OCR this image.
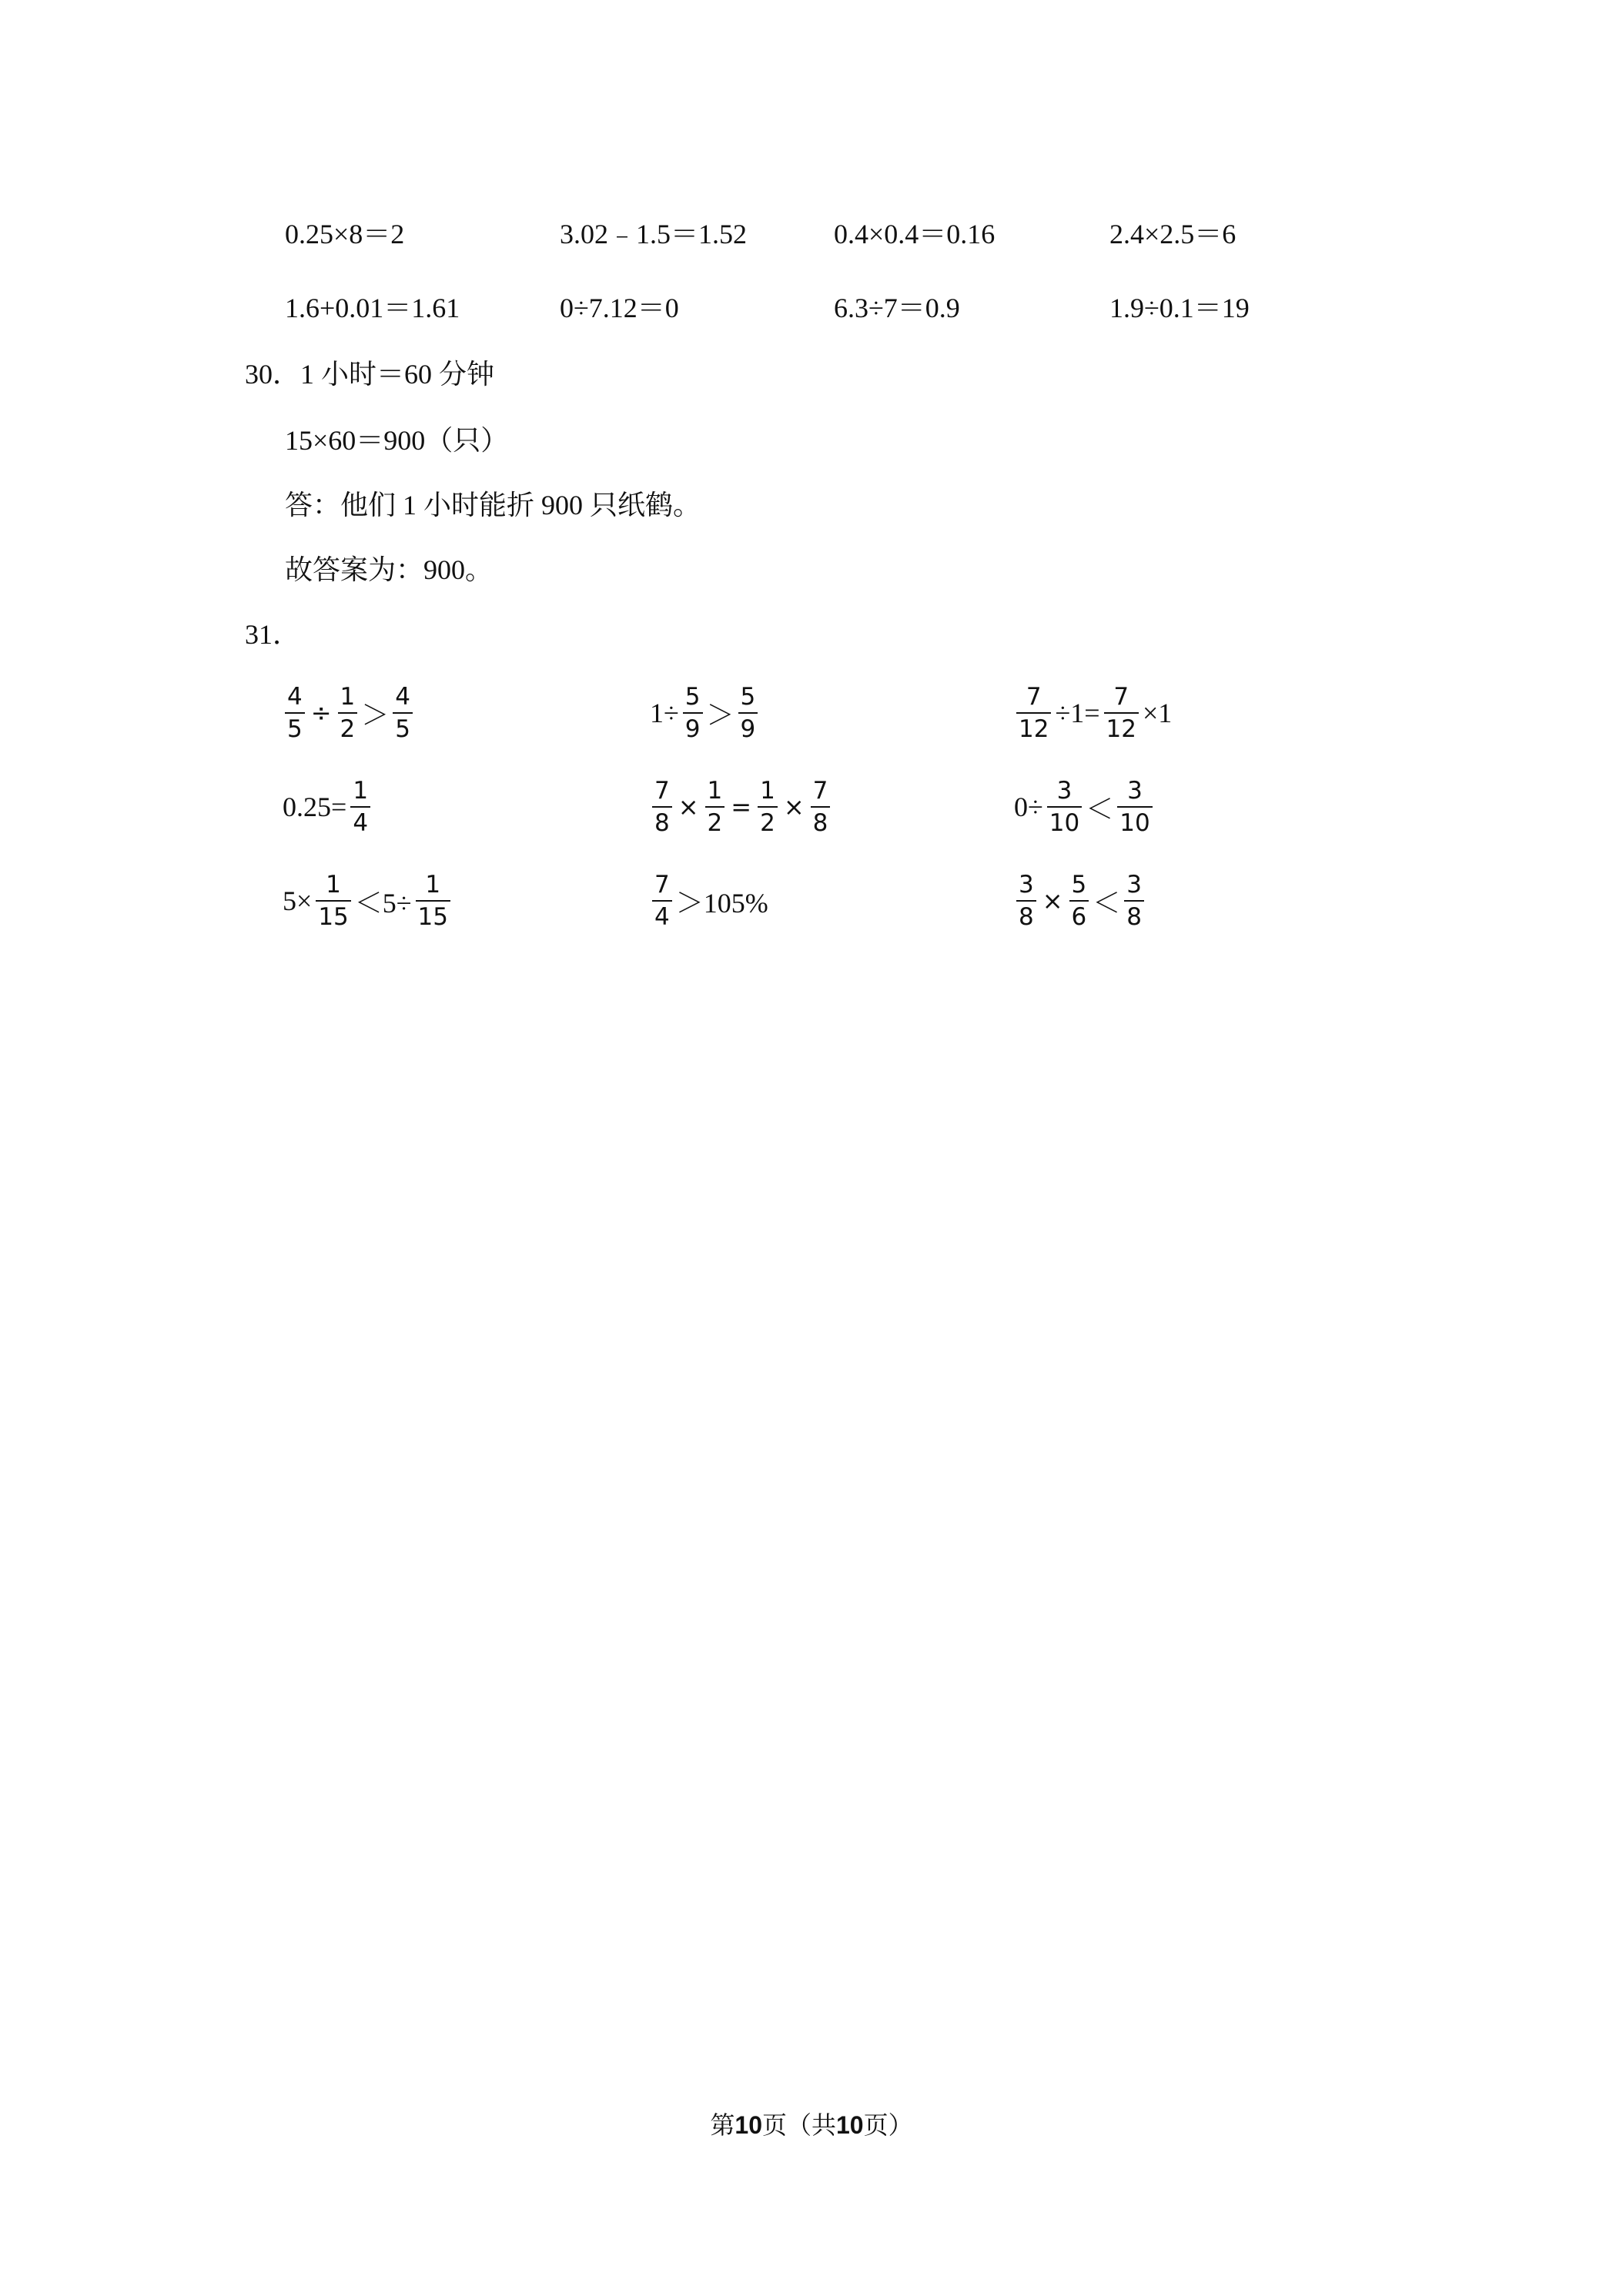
0.25×8＝2	3.02﹣1.5＝1.52	0.4×0.4＝0.16	2.4×2.5＝6
1.6+0.01＝1.61	0÷7.12＝0	6.3÷7＝0.9	1.9÷0.1＝19
30．1 小时＝60 分钟
15×60＝900（只）
答：他们 1 小时能折 900 只纸鹤。
故答案为：900。
31．
$\frac{4}{5} \div \frac{1}{2} > \frac{4}{5}$	$1\div \frac{5}{9} > \frac{5}{9}$	$\frac{7}{12} \div 1= \frac{7}{12} \times 1$
$0.25= \frac{1}{4}$	$\frac{7}{8} \times \frac{1}{2} = \frac{1}{2} \times \frac{7}{8}$	$0\div \frac{3}{10} < \frac{3}{10}$
$5\times \frac{1}{15} <5\div \frac{1}{15}$	$\frac{7}{4} >105\%$	$\frac{3}{8} \times \frac{5}{6} < \frac{3}{8}$
第10页（共10页）
